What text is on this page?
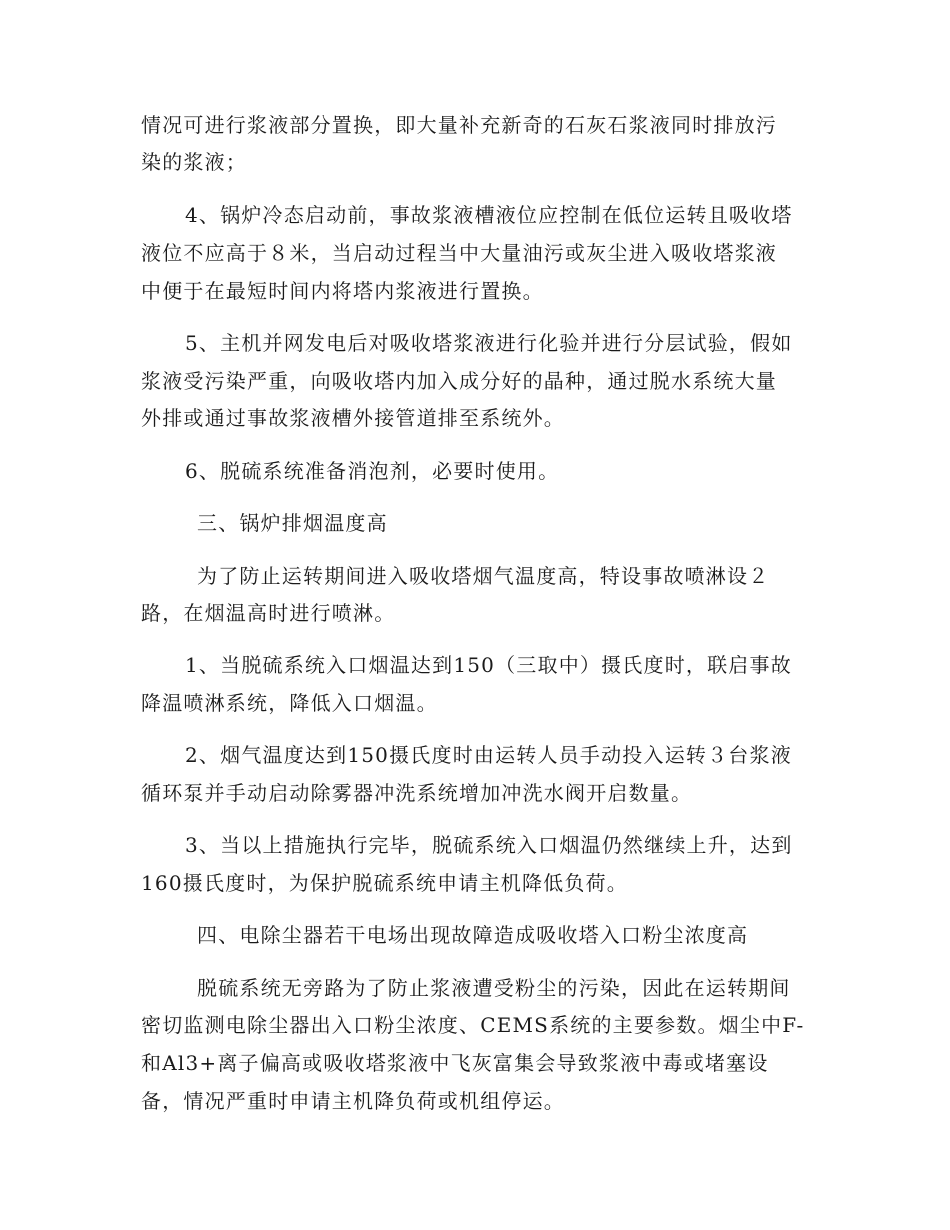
情况可进行浆液部分置换，即大量补充新奇的石灰石浆液同时排放污
染的浆液；
4、锅炉冷态启动前，事故浆液槽液位应控制在低位运转且吸收塔
液位不应高于８米，当启动过程当中大量油污或灰尘进入吸收塔浆液
中便于在最短时间内将塔内浆液进行置换。
5、主机并网发电后对吸收塔浆液进行化验并进行分层试验，假如
浆液受污染严重，向吸收塔内加入成分好的晶种，通过脱水系统大量
外排或通过事故浆液槽外接管道排至系统外。
6、脱硫系统准备消泡剂，必要时使用。
三、锅炉排烟温度高
为了防止运转期间进入吸收塔烟气温度高，特设事故喷淋设２
路，在烟温高时进行喷淋。
1、当脱硫系统入口烟温达到150（三取中）摄氏度时，联启事故
降温喷淋系统，降低入口烟温。
2、烟气温度达到150摄氏度时由运转人员手动投入运转３台浆液
循环泵并手动启动除雾器冲洗系统增加冲洗水阀开启数量。
3、当以上措施执行完毕，脱硫系统入口烟温仍然继续上升，达到
160摄氏度时，为保护脱硫系统申请主机降低负荷。
四、电除尘器若干电场出现故障造成吸收塔入口粉尘浓度高
脱硫系统无旁路为了防止浆液遭受粉尘的污染，因此在运转期间
密切监测电除尘器出入口粉尘浓度、CEMS系统的主要参数。烟尘中F-
和Al3+离子偏高或吸收塔浆液中飞灰富集会导致浆液中毒或堵塞设
备，情况严重时申请主机降负荷或机组停运。
